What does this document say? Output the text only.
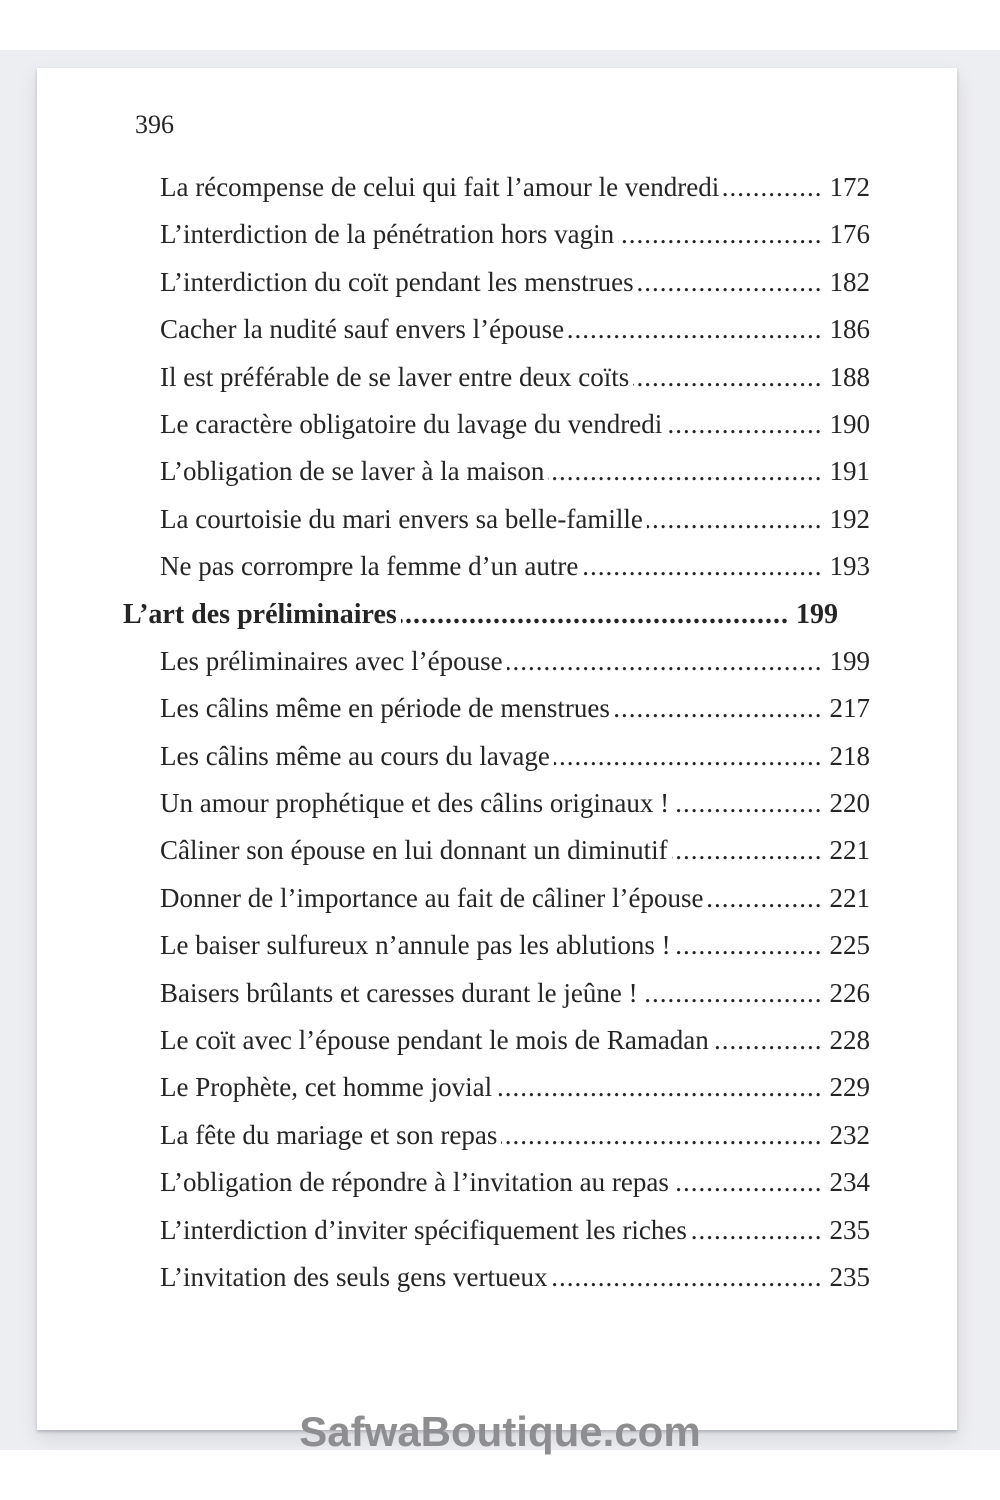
396
La récompense de celui qui fait l’amour le vendredi .....	172
L’interdiction de la pénétration hors vagin .....	176
L’interdiction du coït pendant les menstrues .....	182
Cacher la nudité sauf envers l’épouse .....	186
Il est préférable de se laver entre deux coïts .....	188
Le caractère obligatoire du lavage du vendredi .....	190
L’obligation de se laver à la maison .....	191
La courtoisie du mari envers sa belle-famille .....	192
Ne pas corrompre la femme d’un autre .....	193
L’art des préliminaires .....	199
Les préliminaires avec l’épouse .....	199
Les câlins même en période de menstrues .....	217
Les câlins même au cours du lavage .....	218
Un amour prophétique et des câlins originaux ! .....	220
Câliner son épouse en lui donnant un diminutif .....	221
Donner de l’importance au fait de câliner l’épouse .....	221
Le baiser sulfureux n’annule pas les ablutions ! .....	225
Baisers brûlants et caresses durant le jeûne ! .....	226
Le coït avec l’épouse pendant le mois de Ramadan .....	228
Le Prophète, cet homme jovial .....	229
La fête du mariage et son repas .....	232
L’obligation de répondre à l’invitation au repas .....	234
L’interdiction d’inviter spécifiquement les riches .....	235
L’invitation des seuls gens vertueux .....	235
SafwaBoutique.com
